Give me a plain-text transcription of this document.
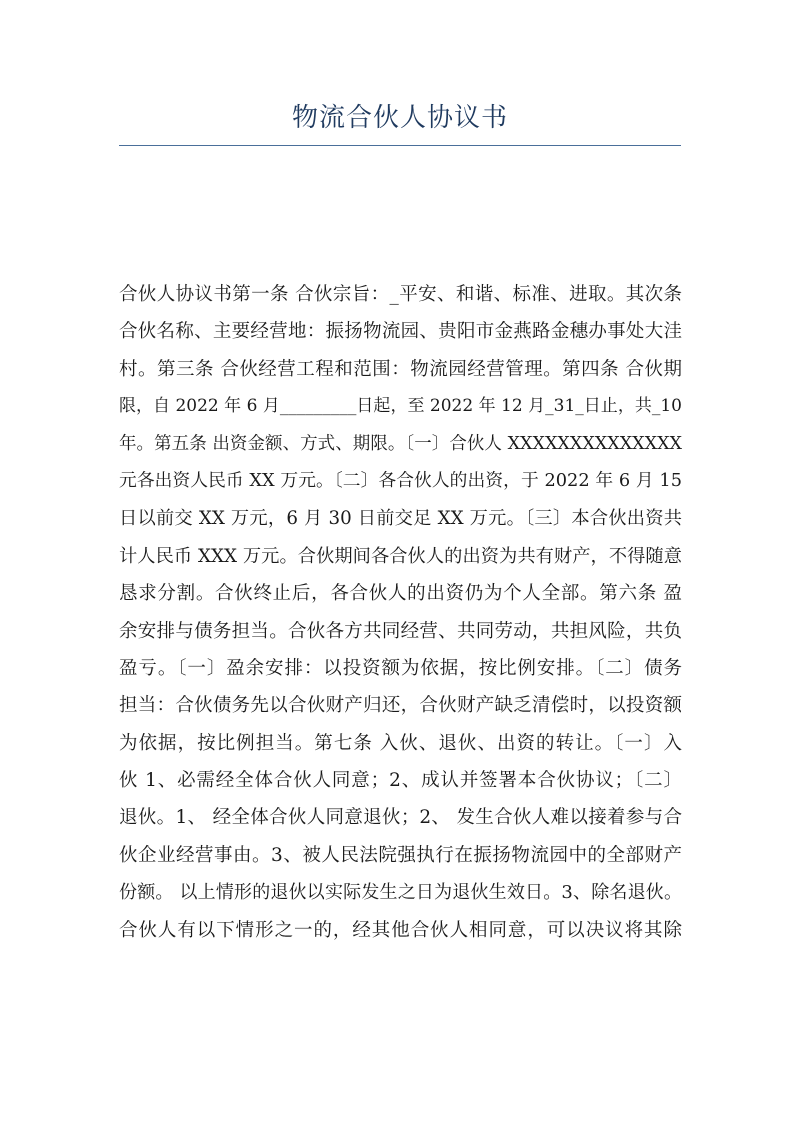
物流合伙人协议书
合伙人协议书第一条 合伙宗旨：_平安、和谐、标准、进取。其次条
合伙名称、主要经营地：振扬物流园、贵阳市金燕路金穗办事处大洼
村。第三条 合伙经营工程和范围：物流园经营管理。第四条 合伙期
限，自 2022 年 6 月_________日起，至 2022 年 12 月_31_日止，共_10
年。第五条 出资金额、方式、期限。〔一〕合伙人 XXXXXXXXXXXXXX
元各出资人民币 XX 万元。〔二〕各合伙人的出资，于 2022 年 6 月 15
日以前交 XX 万元，6 月 30 日前交足 XX 万元。〔三〕本合伙出资共
计人民币 XXX 万元。合伙期间各合伙人的出资为共有财产，不得随意
恳求分割。合伙终止后，各合伙人的出资仍为个人全部。第六条 盈
余安排与债务担当。合伙各方共同经营、共同劳动，共担风险，共负
盈亏。〔一〕盈余安排：以投资额为依据，按比例安排。〔二〕债务
担当：合伙债务先以合伙财产归还，合伙财产缺乏清偿时，以投资额
为依据，按比例担当。第七条 入伙、退伙、出资的转让。〔一〕入
伙 1、必需经全体合伙人同意；2、成认并签署本合伙协议；〔二〕
退伙。1、 经全体合伙人同意退伙；2、 发生合伙人难以接着参与合
伙企业经营事由。3、被人民法院强执行在振扬物流园中的全部财产
份额。 以上情形的退伙以实际发生之日为退伙生效日。3、除名退伙。
合伙人有以下情形之一的，经其他合伙人相同意，可以决议将其除
